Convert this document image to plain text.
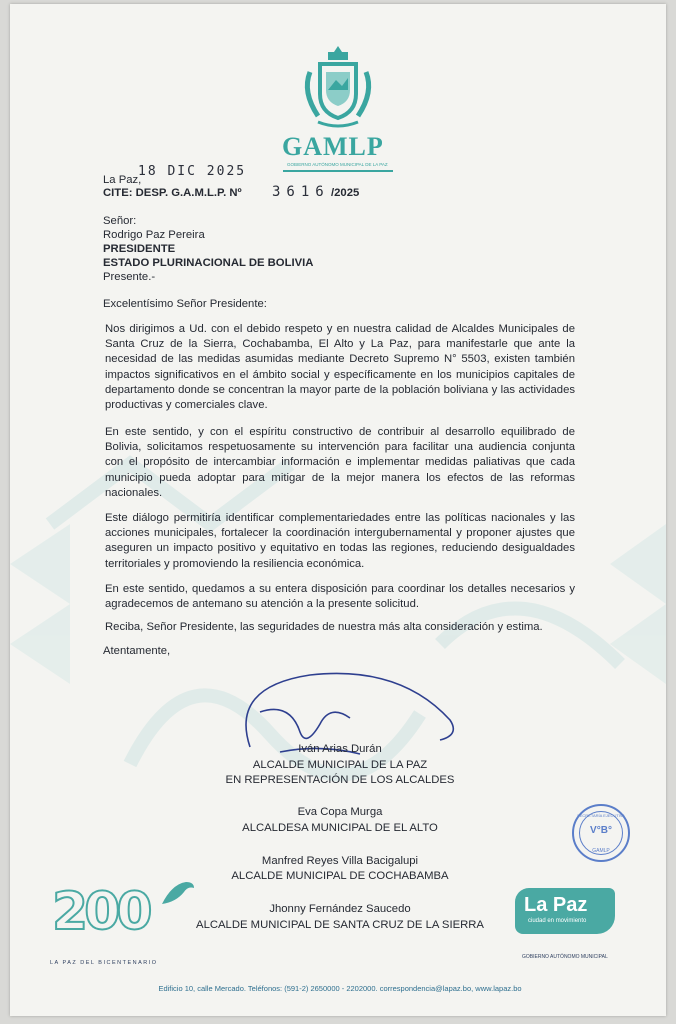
GAMLP
GOBIERNO AUTÓNOMO MUNICIPAL DE LA PAZ
La Paz,
18 DIC 2025
CITE: DESP. G.A.M.L.P. Nº 3616 /2025
Señor:
Rodrigo Paz Pereira
PRESIDENTE
ESTADO PLURINACIONAL DE BOLIVIA
Presente.-
Excelentísimo Señor Presidente:

Nos dirigimos a Ud. con el debido respeto y en nuestra calidad de Alcaldes Municipales de Santa Cruz de la Sierra, Cochabamba, El Alto y La Paz, para manifestarle que ante la necesidad de las medidas asumidas mediante Decreto Supremo N° 5503, existen también impactos significativos en el ámbito social y específicamente en los municipios capitales de departamento donde se concentran la mayor parte de la población boliviana y las actividades productivas y comerciales clave.

En este sentido, y con el espíritu constructivo de contribuir al desarrollo equilibrado de Bolivia, solicitamos respetuosamente su intervención para facilitar una audiencia conjunta con el propósito de intercambiar información e implementar medidas paliativas que cada municipio pueda adoptar para mitigar de la mejor manera los efectos de las reformas nacionales.

Este diálogo permitiría identificar complementariedades entre las políticas nacionales y las acciones municipales, fortalecer la coordinación intergubernamental y proponer ajustes que aseguren un impacto positivo y equitativo en todas las regiones, reduciendo desigualdades territoriales y promoviendo la resiliencia económica.

En este sentido, quedamos a su entera disposición para coordinar los detalles necesarios y agradecemos de antemano su atención a la presente solicitud.

Reciba, Señor Presidente, las seguridades de nuestra más alta consideración y estima.

Atentamente,
Iván Arias Durán
ALCALDE MUNICIPAL DE LA PAZ
EN REPRESENTACIÓN DE LOS ALCALDES
Eva Copa Murga
ALCALDESA MUNICIPAL DE EL ALTO
Manfred Reyes Villa Bacigalupi
ALCALDE MUNICIPAL DE COCHABAMBA
Jhonny Fernández Saucedo
ALCALDE MUNICIPAL DE SANTA CRUZ DE LA SIERRA
SECRETARÍA EJECUTIVA
V°B°
GAMLP
200
LA PAZ DEL BICENTENARIO
La Paz
ciudad en movimiento
GOBIERNO AUTÓNOMO MUNICIPAL
Edificio 10, calle Mercado. Teléfonos: (591-2) 2650000 - 2202000. correspondencia@lapaz.bo, www.lapaz.bo
